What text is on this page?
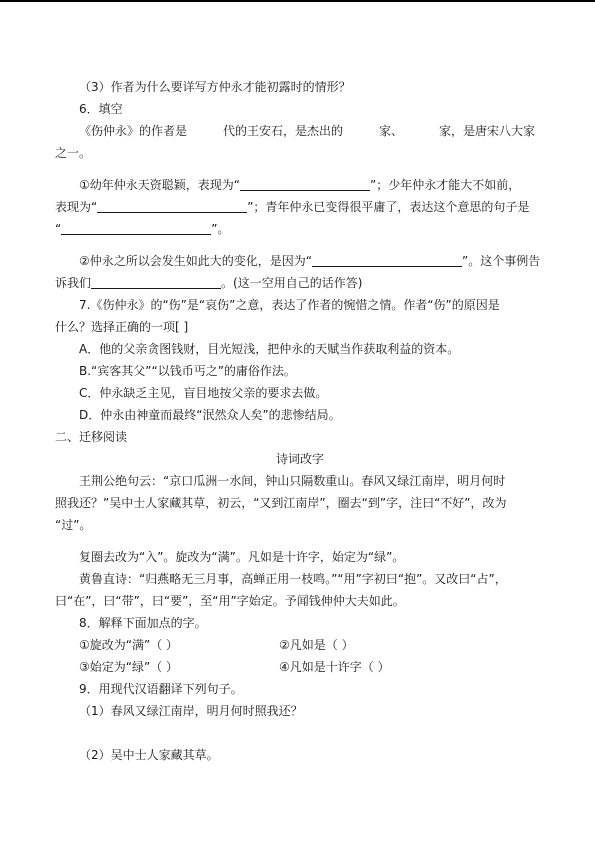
（3）作者为什么要详写方仲永才能初露时的情形？
6．填空
《伤仲永》的作者是	代的王安石，是杰出的	家、	家，是唐宋八大家
之一。
①幼年仲永天资聪颖，表现为“	”；少年仲永才能大不如前，
表现为“	”；青年仲永已变得很平庸了，表达这个意思的句子是
“	”。
②仲永之所以会发生如此大的变化，是因为“	”。这个事例告
诉我们	。(这一空用自己的话作答)
7.《伤仲永》的“伤”是“哀伤”之意，表达了作者的惋惜之情。作者“伤”的原因是
什么？选择正确的一项[ ]
A．他的父亲贪图钱财，目光短浅，把仲永的天赋当作获取利益的资本。
B.“宾客其父”“以钱币丐之”的庸俗作法。
C．仲永缺乏主见，盲目地按父亲的要求去做。
D．仲永由神童而最终“泯然众人矣”的悲惨结局。
二、迁移阅读
诗词改字
王荆公绝句云：“京口瓜洲一水间，钟山只隔数重山。春风又绿江南岸，明月何时
照我还？”吴中士人家藏其草，初云，“又到江南岸”，圈去“到”字，注曰“不好”，改为
“过”。
复圈去改为“入”。旋改为“满”。凡如是十许字，始定为“绿”。
黄鲁直诗：“归燕略无三月事，高蝉正用一枝鸣。”“用”字初曰“抱”。又改曰“占”，
曰“在”，曰“带”，曰“要”，至“用”字始定。予闻钱伸仲大夫如此。
8．解释下面加点的字。
①旋改为“满”（ ）	②凡如是（ ）
③始定为“绿”（ ）	④凡如是十许字（ ）
9．用现代汉语翻译下列句子。
（1）春风又绿江南岸，明月何时照我还？
（2）吴中士人家藏其草。
